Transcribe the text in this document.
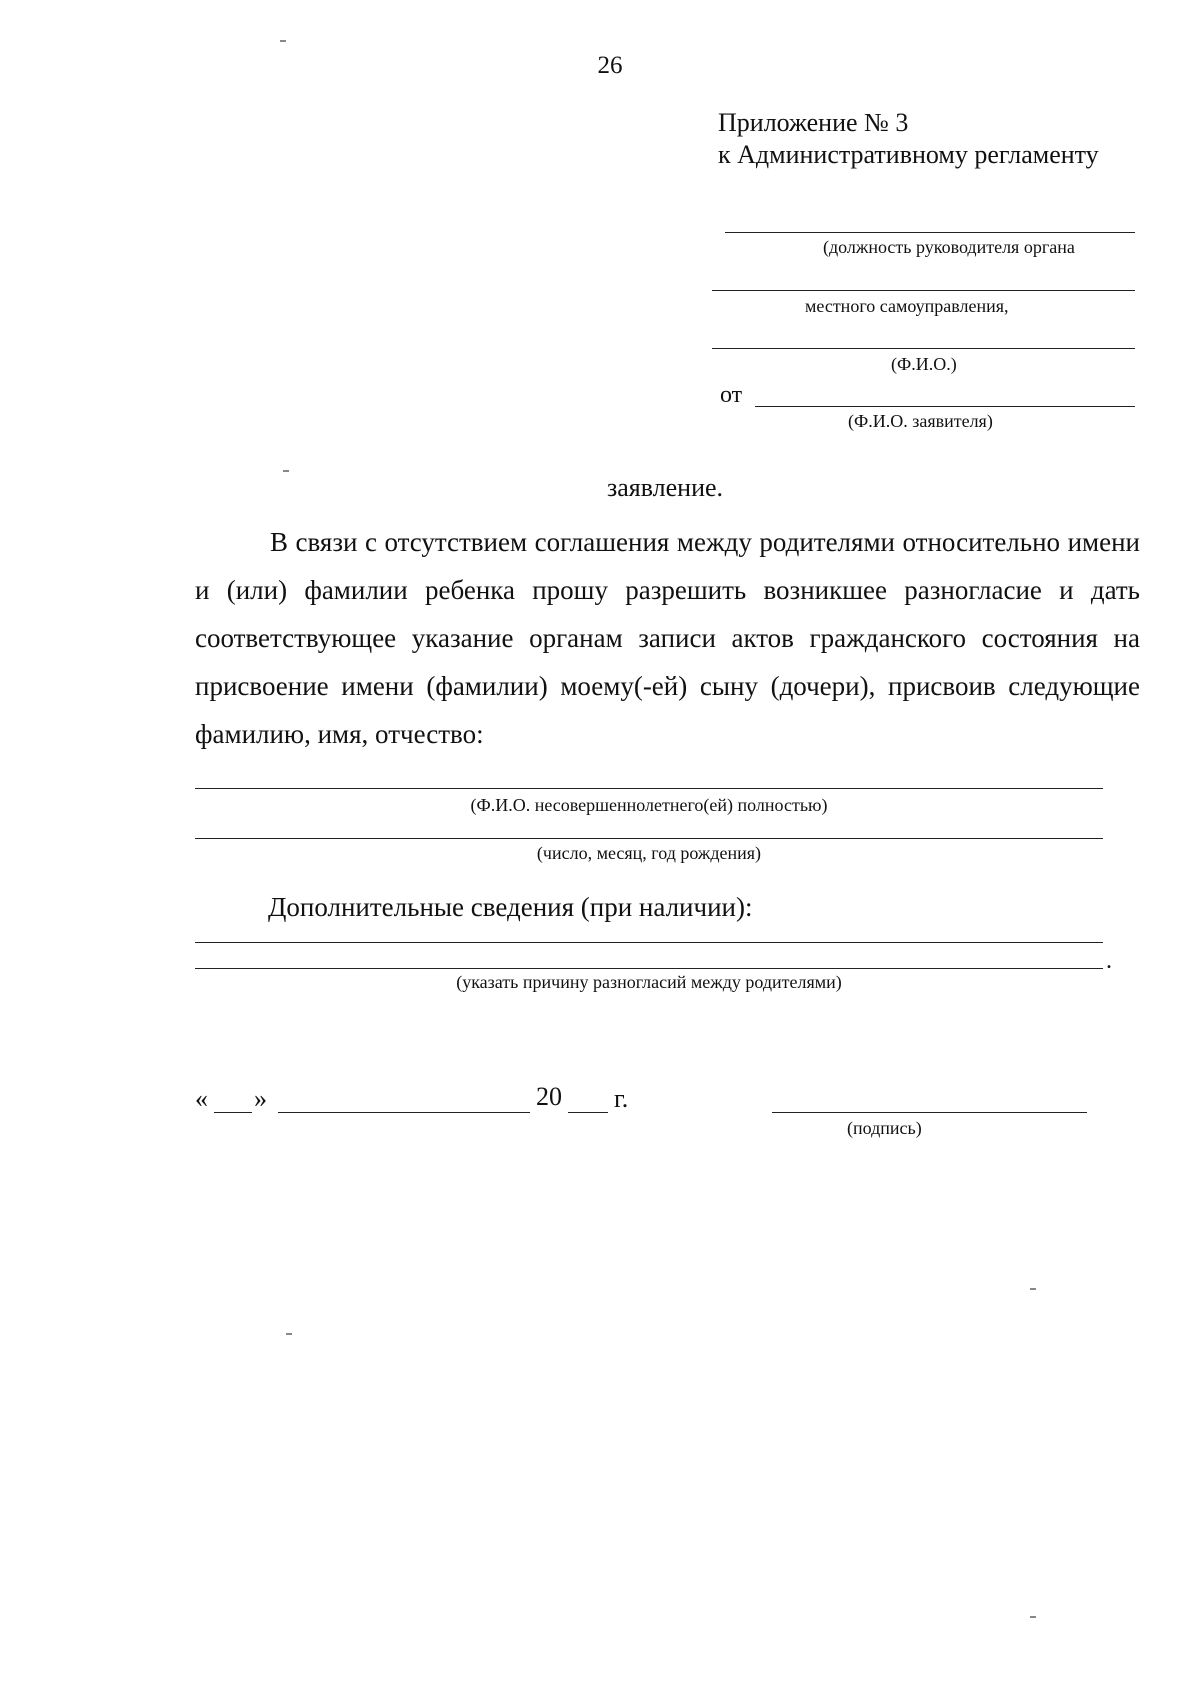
26
Приложение № 3
к Административному регламенту
(должность руководителя органа
местного самоуправления,
(Ф.И.О.)
от
(Ф.И.О. заявителя)
заявление.
В связи с отсутствием соглашения между родителями относительно имени и (или) фамилии ребенка прошу разрешить возникшее разногласие и дать соответствующее указание органам записи актов гражданского состояния на присвоение имени (фамилии) моему(-ей) сыну (дочери), присвоив следующие фамилию, имя, отчество:
(Ф.И.О. несовершеннолетнего(ей) полностью)
(число, месяц, год рождения)
Дополнительные сведения (при наличии):
.
(указать причину разногласий между родителями)
« »	20 г.
(подпись)
